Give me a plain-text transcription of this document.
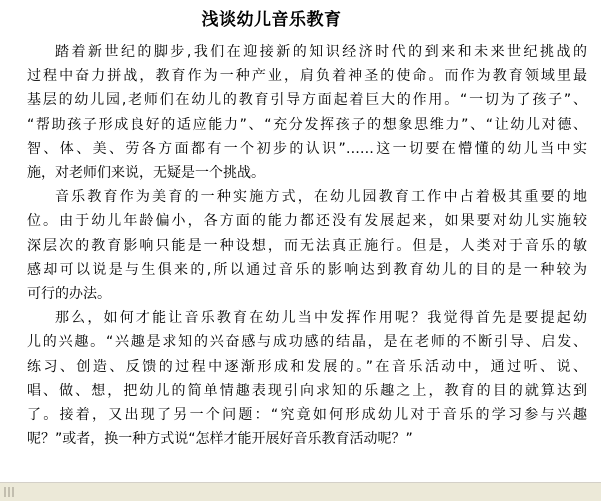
浅谈幼儿音乐教育

踏着新世纪的脚步,我们在迎接新的知识经济时代的到来和未来世纪挑战的
过程中奋力拼战，教育作为一种产业，肩负着神圣的使命。而作为教育领域里最
基层的幼儿园,老师们在幼儿的教育引导方面起着巨大的作用。“一切为了孩子”、
“帮助孩子形成良好的适应能力”、“充分发挥孩子的想象思维力”、“让幼儿对德、
智、体、美、劳各方面都有一个初步的认识”……这一切要在懵懂的幼儿当中实
施，对老师们来说，无疑是一个挑战。

音乐教育作为美育的一种实施方式，在幼儿园教育工作中占着极其重要的地
位。由于幼儿年龄偏小，各方面的能力都还没有发展起来，如果要对幼儿实施较
深层次的教育影响只能是一种设想，而无法真正施行。但是，人类对于音乐的敏
感却可以说是与生俱来的,所以通过音乐的影响达到教育幼儿的目的是一种较为
可行的办法。

那么，如何才能让音乐教育在幼儿当中发挥作用呢？我觉得首先是要提起幼
儿的兴趣。“兴趣是求知的兴奋感与成功感的结晶，是在老师的不断引导、启发、
练习、创造、反馈的过程中逐渐形成和发展的。”在音乐活动中，通过听、说、
唱、做、想，把幼儿的简单情趣表现引向求知的乐趣之上，教育的目的就算达到
了。接着，又出现了另一个问题：“究竟如何形成幼儿对于音乐的学习参与兴趣
呢？”或者，换一种方式说“怎样才能开展好音乐教育活动呢？”
